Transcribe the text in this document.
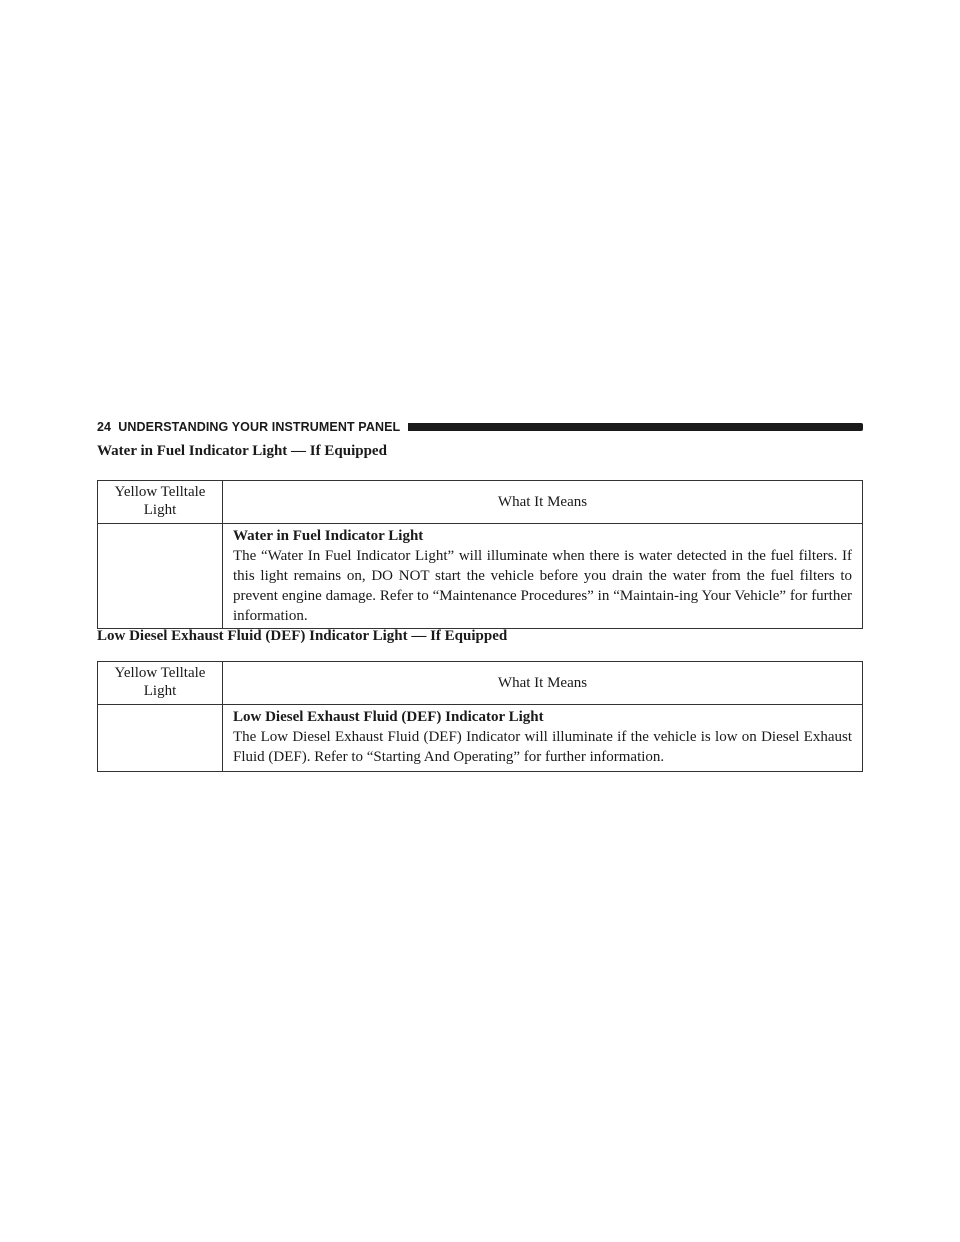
24 UNDERSTANDING YOUR INSTRUMENT PANEL
Water in Fuel Indicator Light — If Equipped
Yellow Telltale Light	What It Means

	Water in Fuel Indicator Light
The “Water In Fuel Indicator Light” will illuminate when there is water detected in the fuel filters. If this light remains on, DO NOT start the vehicle before you drain the water from the fuel filters to prevent engine damage. Refer to “Maintenance Procedures” in “Maintain-ing Your Vehicle” for further information.
Low Diesel Exhaust Fluid (DEF) Indicator Light — If Equipped
Yellow Telltale Light	What It Means

	Low Diesel Exhaust Fluid (DEF) Indicator Light
The Low Diesel Exhaust Fluid (DEF) Indicator will illuminate if the vehicle is low on Diesel Exhaust Fluid (DEF). Refer to “Starting And Operating” for further information.
